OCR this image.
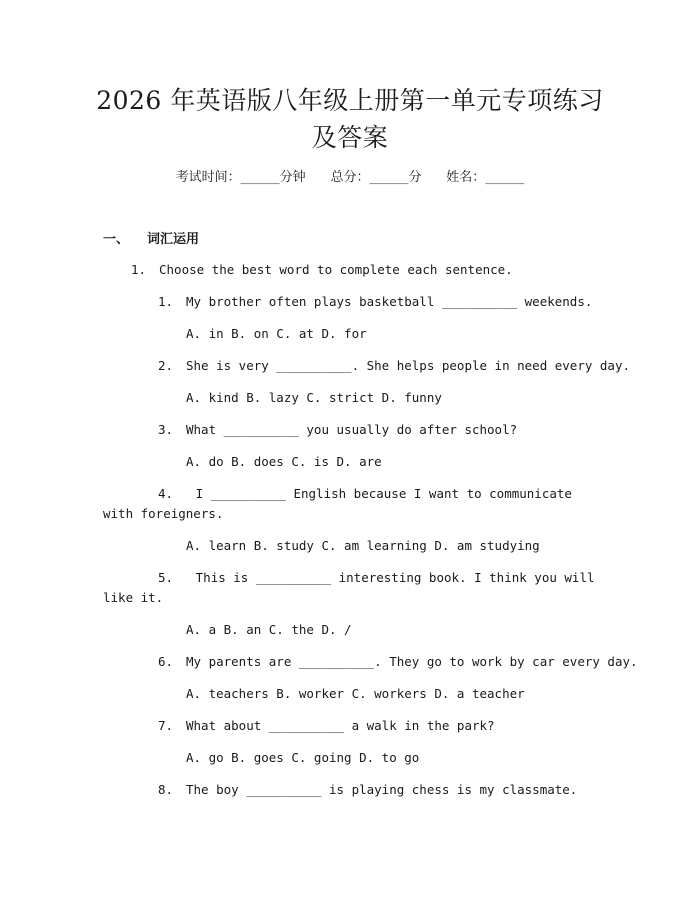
2026 年英语版八年级上册第一单元专项练习
及答案
考试时间：______分钟 总分：______分 姓名：______
一、 词汇运用
1. Choose the best word to complete each sentence.
1. My brother often plays basketball __________ weekends.
A. in B. on C. at D. for
2. She is very __________. She helps people in need every day.
A. kind B. lazy C. strict D. funny
3. What __________ you usually do after school?
A. do B. does C. is D. are
4. I __________ English because I want to communicate with foreigners.
A. learn B. study C. am learning D. am studying
5. This is __________ interesting book. I think you will like it.
A. a B. an C. the D. /
6. My parents are __________. They go to work by car every day.
A. teachers B. worker C. workers D. a teacher
7. What about __________ a walk in the park?
A. go B. goes C. going D. to go
8. The boy __________ is playing chess is my classmate.
